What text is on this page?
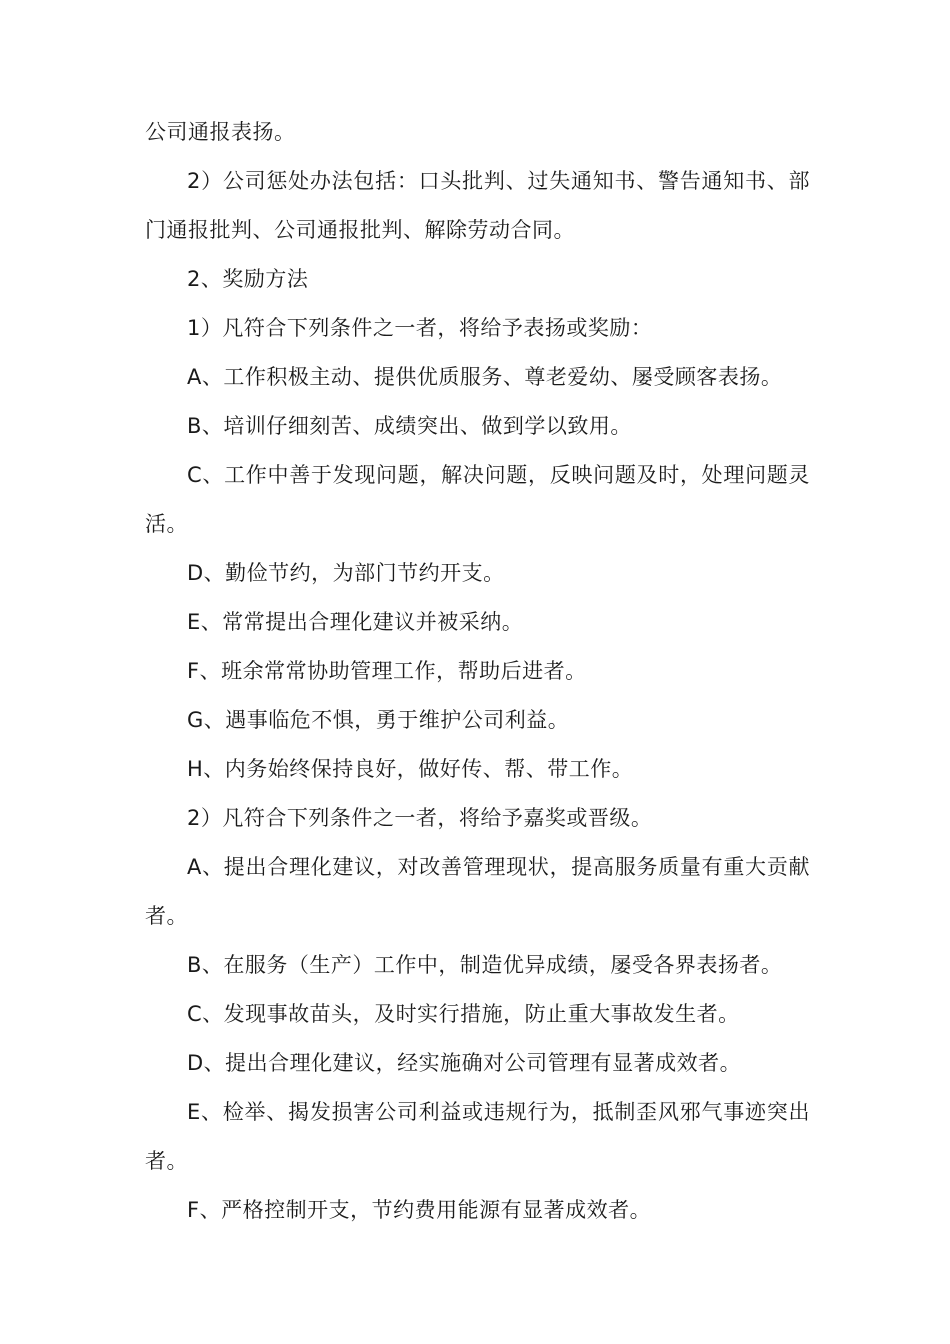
公司通报表扬。

2）公司惩处办法包括：口头批判、过失通知书、警告通知书、部门通报批判、公司通报批判、解除劳动合同。

2、奖励方法

1）凡符合下列条件之一者，将给予表扬或奖励：

A、工作积极主动、提供优质服务、尊老爱幼、屡受顾客表扬。

B、培训仔细刻苦、成绩突出、做到学以致用。

C、工作中善于发现问题，解决问题，反映问题及时，处理问题灵活。

D、勤俭节约，为部门节约开支。

E、常常提出合理化建议并被采纳。

F、班余常常协助管理工作，帮助后进者。

G、遇事临危不惧，勇于维护公司利益。

H、内务始终保持良好，做好传、帮、带工作。

2）凡符合下列条件之一者，将给予嘉奖或晋级。

A、提出合理化建议，对改善管理现状，提高服务质量有重大贡献者。

B、在服务（生产）工作中，制造优异成绩，屡受各界表扬者。

C、发现事故苗头，及时实行措施，防止重大事故发生者。

D、提出合理化建议，经实施确对公司管理有显著成效者。

E、检举、揭发损害公司利益或违规行为，抵制歪风邪气事迹突出者。

F、严格控制开支，节约费用能源有显著成效者。
